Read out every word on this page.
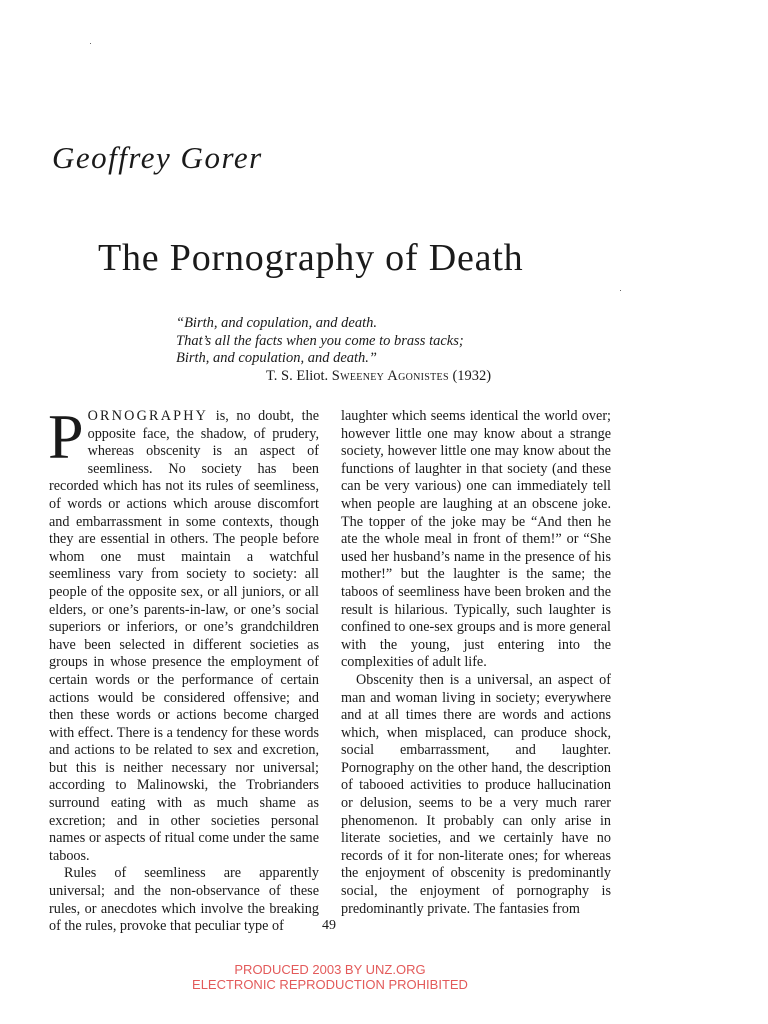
Geoffrey Gorer
The Pornography of Death
“Birth, and copulation, and death.
That’s all the facts when you come to brass tacks;
Birth, and copulation, and death.”
T. S. Eliot. Sweeney Agonistes (1932)

PORNOGRAPHY is, no doubt, the opposite face, the shadow, of prudery, whereas obscenity is an aspect of seemliness. No society has been recorded which has not its rules of seemliness, of words or actions which arouse discomfort and embarrassment in some contexts, though they are essential in others. The people before whom one must maintain a watchful seemliness vary from society to society: all people of the opposite sex, or all juniors, or all elders, or one’s parents-in-law, or one’s social superiors or inferiors, or one’s grandchildren have been selected in different societies as groups in whose presence the employment of certain words or the performance of certain actions would be considered offensive; and then these words or actions become charged with effect. There is a tendency for these words and actions to be related to sex and excretion, but this is neither necessary nor universal; according to Malinowski, the Trobrianders surround eating with as much shame as excretion; and in other societies personal names or aspects of ritual come under the same taboos.

Rules of seemliness are apparently universal; and the non-observance of these rules, or anecdotes which involve the breaking of the rules, provoke that peculiar type of

laughter which seems identical the world over; however little one may know about a strange society, however little one may know about the functions of laughter in that society (and these can be very various) one can immediately tell when people are laughing at an obscene joke. The topper of the joke may be “And then he ate the whole meal in front of them!” or “She used her husband’s name in the presence of his mother!” but the laughter is the same; the taboos of seemliness have been broken and the result is hilarious. Typically, such laughter is confined to one-sex groups and is more general with the young, just entering into the complexities of adult life.

Obscenity then is a universal, an aspect of man and woman living in society; everywhere and at all times there are words and actions which, when misplaced, can produce shock, social embarrassment, and laughter. Pornography on the other hand, the description of tabooed activities to produce hallucination or delusion, seems to be a very much rarer phenomenon. It probably can only arise in literate societies, and we certainly have no records of it for non-literate ones; for whereas the enjoyment of obscenity is predominantly social, the enjoyment of pornography is predominantly private. The fantasies from

49
PRODUCED 2003 BY UNZ.ORG
ELECTRONIC REPRODUCTION PROHIBITED
